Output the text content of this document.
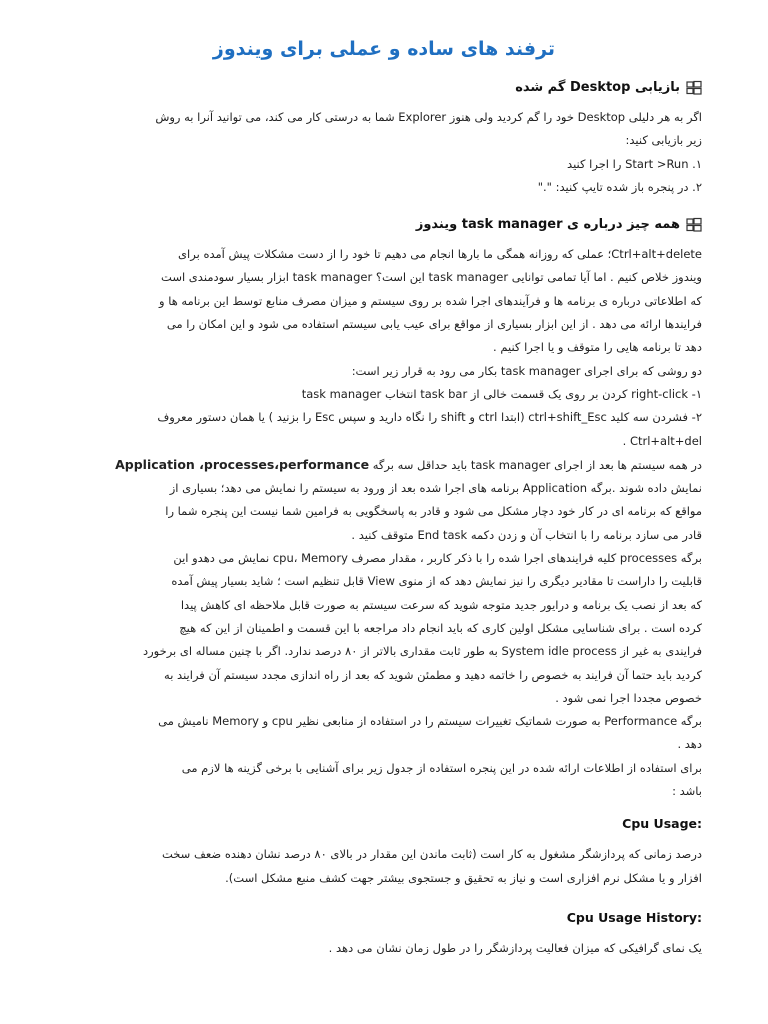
ترفند های ساده و عملی برای ویندوز
بازیابی Desktop گم شده

اگر به هر دلیلی Desktop خود را گم کردید ولی هنوز Explorer شما به درستی کار می کند، می توانید آنرا به روش

زیر بازیابی کنید:

۱. Start >Run را اجرا کنید

۲. در پنجره باز شده تایپ کنید: "."

همه چیز درباره ی task manager ویندوز

Ctrl+alt+delete؛ عملی که روزانه همگی ما بارها انجام می دهیم تا خود را از دست مشکلات پیش آمده برای

ویندوز خلاص کنیم . اما آیا تمامی توانایی task manager این است؟ task manager ابزار بسیار سودمندی است

که اطلاعاتی درباره ی برنامه ها و فرآیندهای اجرا شده بر روی سیستم و میزان مصرف منابع توسط این برنامه ها و

فرایندها ارائه می دهد . از این ابزار بسیاری از مواقع برای عیب یابی سیستم استفاده می شود و این امکان را می

دهد تا برنامه هایی را متوقف و یا اجرا کنیم .

دو روشی که برای اجرای task manager بکار می رود به قرار زیر است:

۱- right-click کردن بر روی یک قسمت خالی از task bar انتخاب task manager

۲- فشردن سه کلید ctrl+shift_Esc (ابتدا ctrl و shift را نگاه دارید و سپس Esc را بزنید ) یا همان دستور معروف

Ctrl+alt+del .

در همه سیستم ها بعد از اجرای task manager باید حداقل سه برگه Application ،processes،performance

نمایش داده شوند .برگه Application برنامه های اجرا شده بعد از ورود به سیستم را نمایش می دهد؛ بسیاری از

مواقع که برنامه ای در کار خود دچار مشکل می شود و قادر به پاسخگویی به فرامین شما نیست این پنجره شما را

قادر می سازد برنامه را با انتخاب آن و زدن دکمه End task متوقف کنید .

برگه processes کلیه فرایندهای اجرا شده را با ذکر کاربر ، مقدار مصرف cpu، Memory نمایش می دهدو این

قابلیت را داراست تا مقادیر دیگری را نیز نمایش دهد که از منوی View قابل تنظیم است ؛ شاید بسیار پیش آمده

که بعد از نصب یک برنامه و درایور جدید متوجه شوید که سرعت سیستم به صورت قابل ملاحظه ای کاهش پیدا

کرده است . برای شناسایی مشکل اولین کاری که باید انجام داد مراجعه با این قسمت و اطمینان از این که هیچ

فرایندی به غیر از System idle process به طور ثابت مقداری بالاتر از ۸۰ درصد ندارد. اگر با چنین مساله ای برخورد

کردید باید حتما آن فرایند به خصوص را خاتمه دهید و مطمئن شوید که بعد از راه اندازی مجدد سیستم آن فرایند به

خصوص مجددا اجرا نمی شود .

برگه Performance به صورت شماتیک تغییرات سیستم را در استفاده از منابعی نظیر cpu و Memory نامیش می

دهد .

برای استفاده از اطلاعات ارائه شده در این پنجره استفاده از جدول زیر برای آشنایی با برخی گزینه ها لازم می

باشد :

:Cpu Usage

درصد زمانی که پردازشگر مشغول به کار است (ثابت ماندن این مقدار در بالای ۸۰ درصد نشان دهنده ضعف سخت

افزار و یا مشکل نرم افزاری است و نیاز به تحقیق و جستجوی بیشتر جهت کشف منبع مشکل است).

:Cpu Usage History

یک نمای گرافیکی که میزان فعالیت پردازشگر را در طول زمان نشان می دهد .
